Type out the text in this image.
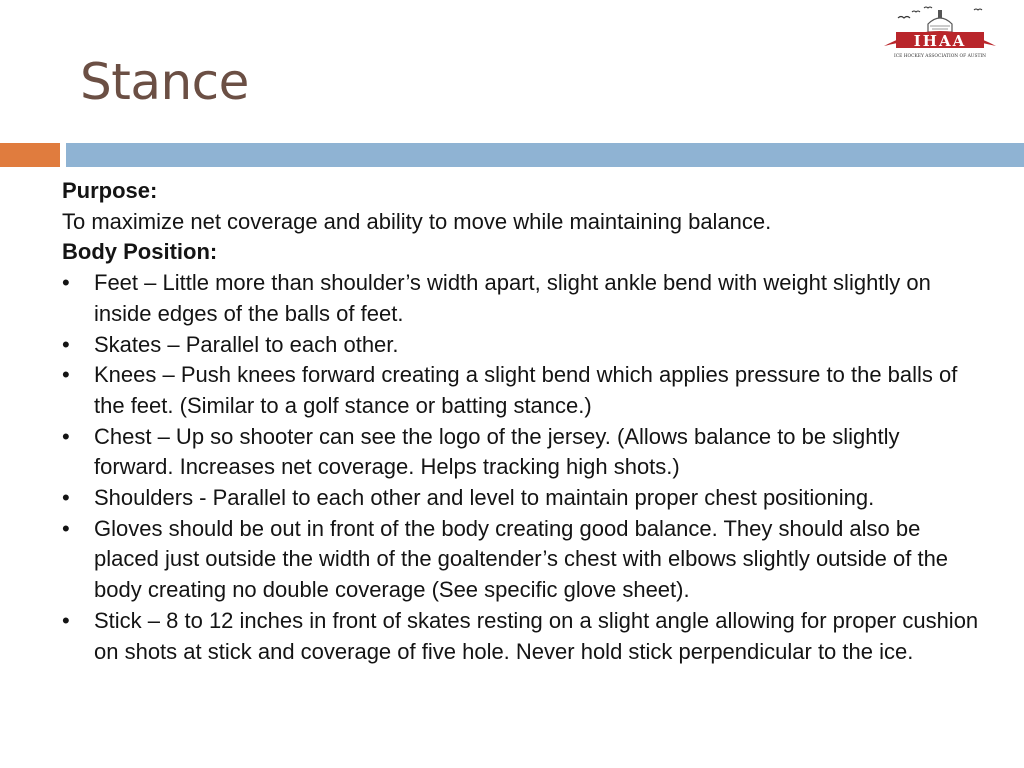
Stance
IHAA
ICE HOCKEY ASSOCIATION OF AUSTIN

Purpose:

To maximize net coverage and ability to move while maintaining balance.

Body Position:

• Feet – Little more than shoulder’s width apart, slight ankle bend with weight slightly on inside edges of the balls of feet.
• Skates – Parallel to each other.
• Knees – Push knees forward creating a slight bend which applies pressure to the balls of the feet. (Similar to a golf stance or batting stance.)
• Chest – Up so shooter can see the logo of the jersey. (Allows balance to be slightly forward. Increases net coverage. Helps tracking high shots.)
• Shoulders - Parallel to each other and level to maintain proper chest positioning.
• Gloves should be out in front of the body creating good balance. They should also be placed just outside the width of the goaltender’s chest with elbows slightly outside of the body creating no double coverage (See specific glove sheet).
• Stick – 8 to 12 inches in front of skates resting on a slight angle allowing for proper cushion on shots at stick and coverage of five hole. Never hold stick perpendicular to the ice.
